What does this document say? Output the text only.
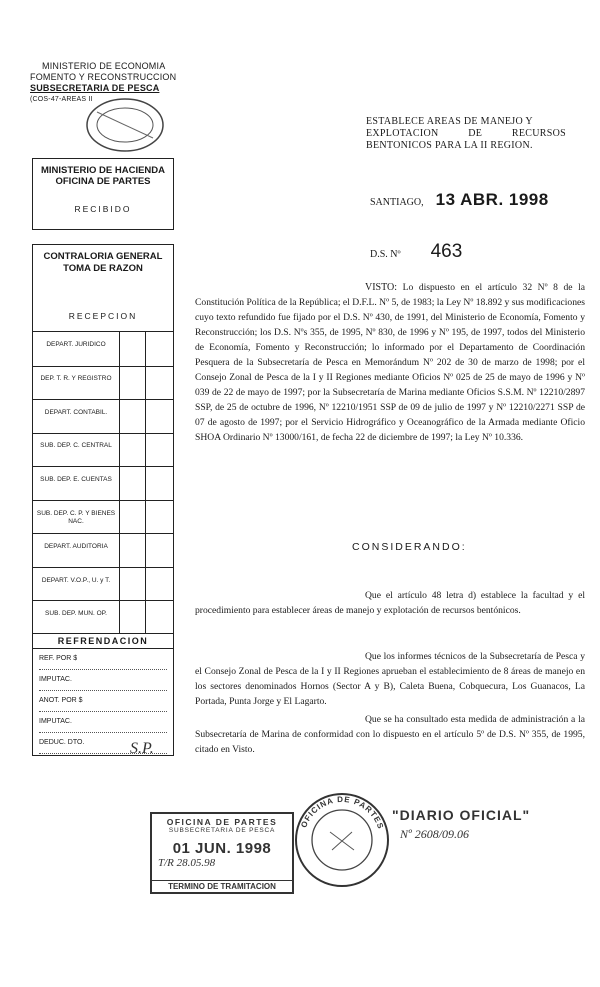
MINISTERIO DE ECONOMIA
FOMENTO Y RECONSTRUCCION
SUBSECRETARIA DE PESCA
(COS-47-AREAS II
ESTABLECE AREAS DE MANEJO Y
EXPLOTACION DE RECURSOS
BENTONICOS PARA LA II REGION.
SANTIAGO, 13 ABR. 1998
D.S. Nº 463
MINISTERIO DE HACIENDA
OFICINA DE PARTES
RECIBIDO
CONTRALORIA GENERAL
TOMA DE RAZON
RECEPCION
DEPART. JURIDICO
DEP. T. R. Y REGISTRO
DEPART. CONTABIL.
SUB. DEP. C. CENTRAL
SUB. DEP. E. CUENTAS
SUB. DEP. C. P. Y BIENES NAC.
DEPART. AUDITORIA
DEPART. V.O.P., U. y T.
SUB. DEP. MUN. OP.
REFRENDACION
REF. POR $
IMPUTAC.
ANOT. POR $
IMPUTAC.
DEDUC. DTO.
VISTO: Lo dispuesto en el artículo 32 Nº 8 de la Constitución Política de la República; el D.F.L. Nº 5, de 1983; la Ley Nº 18.892 y sus modificaciones cuyo texto refundido fue fijado por el D.S. Nº 430, de 1991, del Ministerio de Economía, Fomento y Reconstrucción; los D.S. Nºs 355, de 1995, Nº 830, de 1996 y Nº 195, de 1997, todos del Ministerio de Economía, Fomento y Reconstrucción; lo informado por el Departamento de Coordinación Pesquera de la Subsecretaría de Pesca en Memorándum Nº 202 de 30 de marzo de 1998; por el Consejo Zonal de Pesca de la I y II Regiones mediante Oficios Nº 025 de 25 de mayo de 1996 y Nº 039 de 22 de mayo de 1997; por la Subsecretaría de Marina mediante Oficios S.S.M. Nº 12210/2897 SSP, de 25 de octubre de 1996, Nº 12210/1951 SSP de 09 de julio de 1997 y Nº 12210/2271 SSP de 07 de agosto de 1997; por el Servicio Hidrográfico y Oceanográfico de la Armada mediante Oficio SHOA Ordinario Nº 13000/161, de fecha 22 de diciembre de 1997; la Ley Nº 10.336.
CONSIDERANDO:
Que el artículo 48 letra d) establece la facultad y el procedimiento para establecer áreas de manejo y explotación de recursos bentónicos.
Que los informes técnicos de la Subsecretaría de Pesca y el Consejo Zonal de Pesca de la I y II Regiones aprueban el establecimiento de 8 áreas de manejo en los sectores denominados Hornos (Sector A y B), Caleta Buena, Cobquecura, Los Guanacos, La Portada, Punta Jorge y El Lagarto.
Que se ha consultado esta medida de administración a la Subsecretaría de Marina de conformidad con lo dispuesto en el artículo 5º de D.S. Nº 355, de 1995, citado en Visto.
S.P.
OFICINA DE PARTES
SUBSECRETARIA DE PESCA
01 JUN. 1998
T/R 28.05.98
TERMINO DE TRAMITACION
OFICINA DE PARTES
"DIARIO OFICIAL"
Nº 2608/09.06
